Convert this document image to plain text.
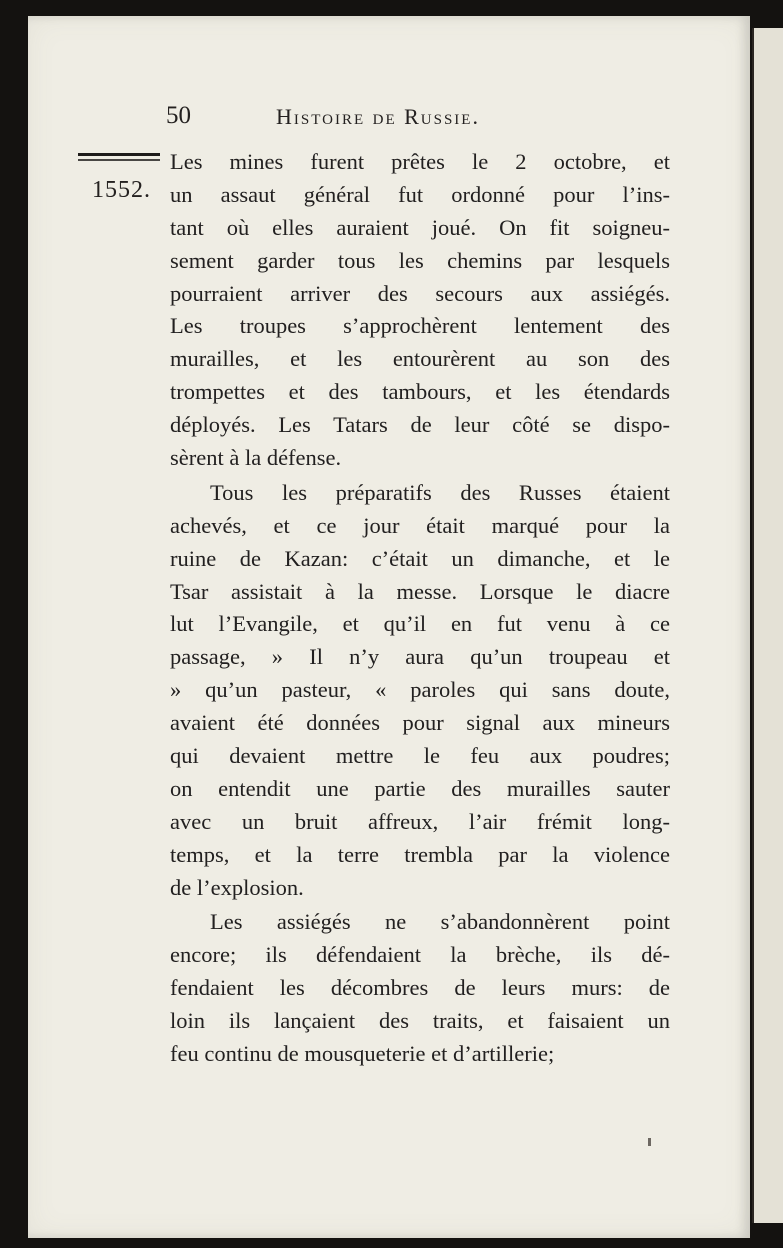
50	Histoire de Russie.
1552.
Les mines furent prêtes le 2 octobre, et
un assaut général fut ordonné pour l’ins-
tant où elles auraient joué. On fit soigneu-
sement garder tous les chemins par lesquels
pourraient arriver des secours aux assiégés.
Les troupes s’approchèrent lentement des
murailles, et les entourèrent au son des
trompettes et des tambours, et les étendards
déployés. Les Tatars de leur côté se dispo-
sèrent à la défense.
Tous les préparatifs des Russes étaient
achevés, et ce jour était marqué pour la
ruine de Kazan: c’était un dimanche, et le
Tsar assistait à la messe. Lorsque le diacre
lut l’Evangile, et qu’il en fut venu à ce
passage, » Il n’y aura qu’un troupeau et
» qu’un pasteur, « paroles qui sans doute,
avaient été données pour signal aux mineurs
qui devaient mettre le feu aux poudres;
on entendit une partie des murailles sauter
avec un bruit affreux, l’air frémit long-
temps, et la terre trembla par la violence
de l’explosion.
Les assiégés ne s’abandonnèrent point
encore; ils défendaient la brèche, ils dé-
fendaient les décombres de leurs murs: de
loin ils lançaient des traits, et faisaient un
feu continu de mousqueterie et d’artillerie;
